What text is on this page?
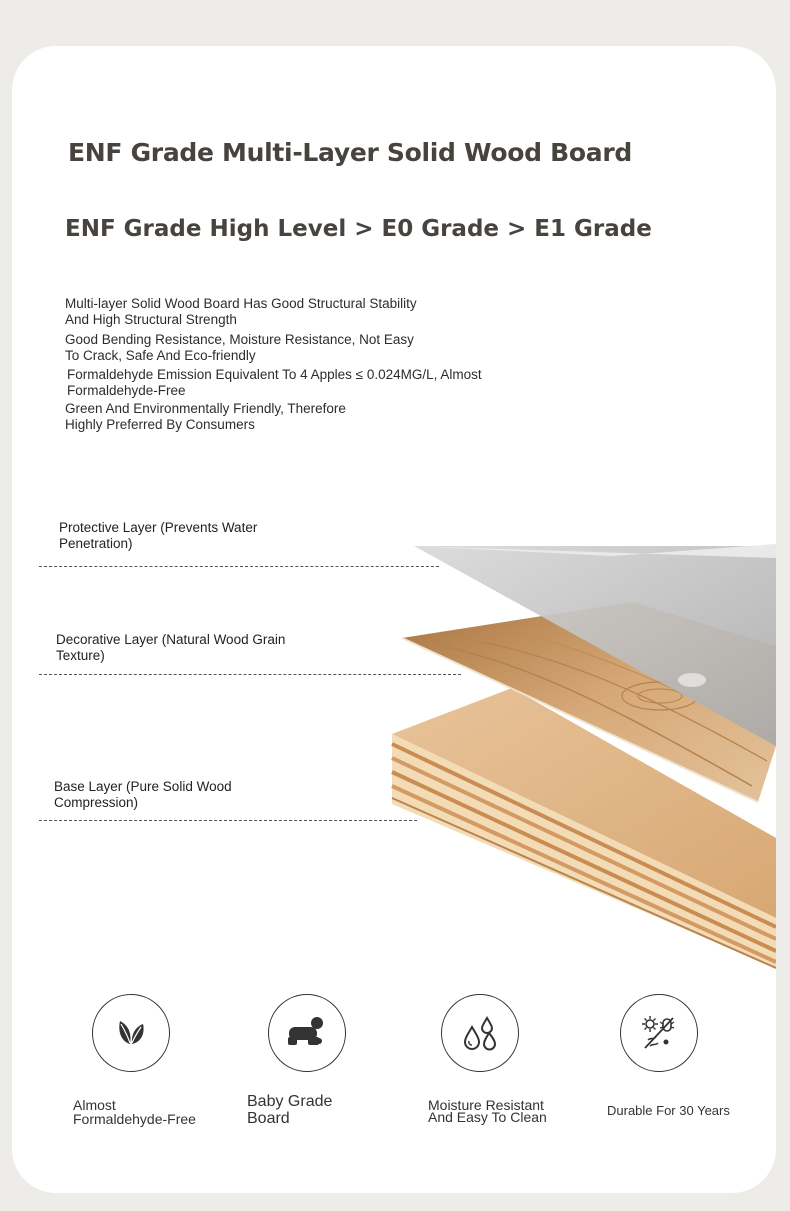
ENF Grade Multi-Layer Solid Wood Board
ENF Grade High Level > E0 Grade > E1 Grade

Multi-layer Solid Wood Board Has Good Structural Stability
And High Structural Strength

Good Bending Resistance, Moisture Resistance, Not Easy
To Crack, Safe And Eco-friendly

Formaldehyde Emission Equivalent To 4 Apples ≤ 0.024MG/L, Almost
Formaldehyde-Free

Green And Environmentally Friendly, Therefore
Highly Preferred By Consumers

Protective Layer (Prevents Water
Penetration)

Decorative Layer (Natural Wood Grain
Texture)

Base Layer (Pure Solid Wood
Compression)

Almost
Formaldehyde-Free

Baby Grade
Board

Moisture Resistant
And Easy To Clean	Durable For 30 Years
